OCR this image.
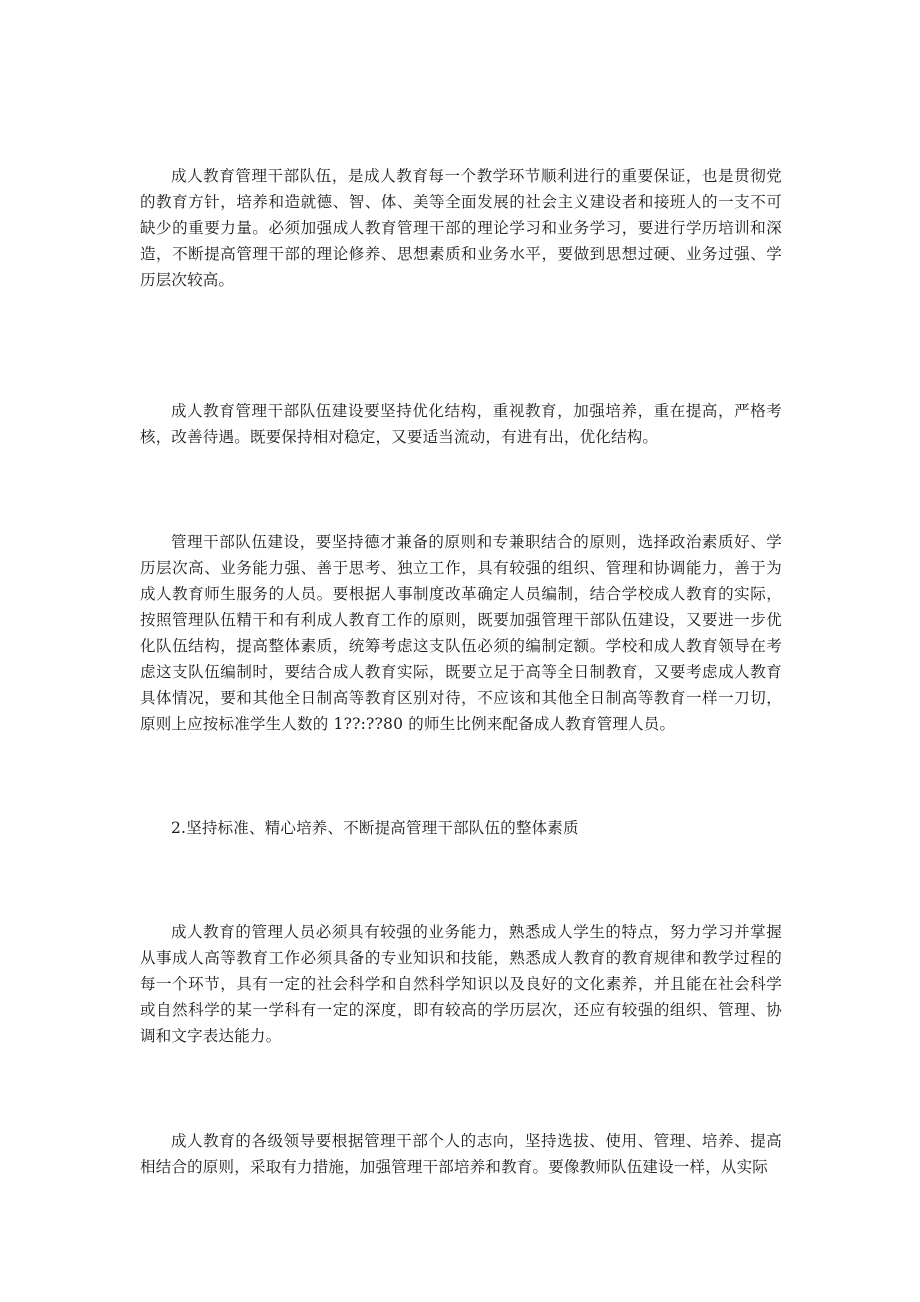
成人教育管理干部队伍，是成人教育每一个教学环节顺利进行的重要保证，也是贯彻党的教育方针，培养和造就德、智、体、美等全面发展的社会主义建设者和接班人的一支不可缺少的重要力量。必须加强成人教育管理干部的理论学习和业务学习，要进行学历培训和深造，不断提高管理干部的理论修养、思想素质和业务水平，要做到思想过硬、业务过强、学历层次较高。

成人教育管理干部队伍建设要坚持优化结构，重视教育，加强培养，重在提高，严格考核，改善待遇。既要保持相对稳定，又要适当流动，有进有出，优化结构。

管理干部队伍建设，要坚持德才兼备的原则和专兼职结合的原则，选择政治素质好、学历层次高、业务能力强、善于思考、独立工作，具有较强的组织、管理和协调能力，善于为成人教育师生服务的人员。要根据人事制度改革确定人员编制，结合学校成人教育的实际，按照管理队伍精干和有利成人教育工作的原则，既要加强管理干部队伍建设，又要进一步优化队伍结构，提高整体素质，统筹考虑这支队伍必须的编制定额。学校和成人教育领导在考虑这支队伍编制时，要结合成人教育实际，既要立足于高等全日制教育，又要考虑成人教育具体情况，要和其他全日制高等教育区别对待，不应该和其他全日制高等教育一样一刀切，原则上应按标准学生人数的 1??:??80 的师生比例来配备成人教育管理人员。

2.坚持标准、精心培养、不断提高管理干部队伍的整体素质

成人教育的管理人员必须具有较强的业务能力，熟悉成人学生的特点，努力学习并掌握从事成人高等教育工作必须具备的专业知识和技能，熟悉成人教育的教育规律和教学过程的每一个环节，具有一定的社会科学和自然科学知识以及良好的文化素养，并且能在社会科学或自然科学的某一学科有一定的深度，即有较高的学历层次，还应有较强的组织、管理、协调和文字表达能力。

成人教育的各级领导要根据管理干部个人的志向，坚持选拔、使用、管理、培养、提高相结合的原则，采取有力措施，加强管理干部培养和教育。要像教师队伍建设一样，从实际
